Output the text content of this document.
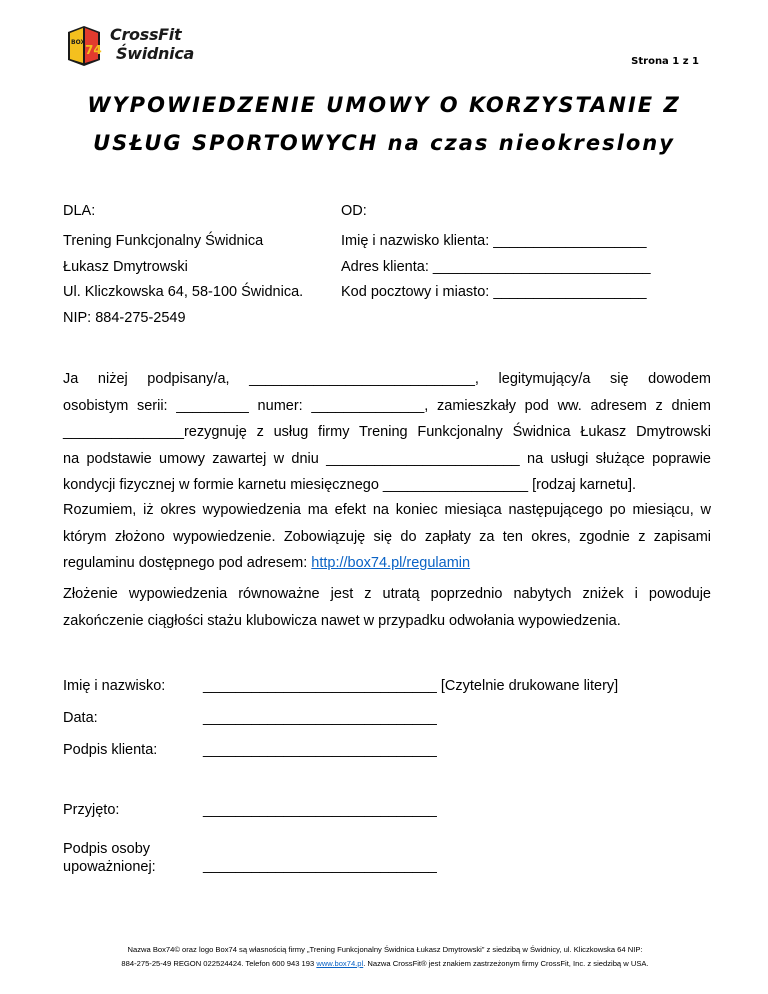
BOX
74
CrossFit
Świdnica	Strona 1 z 1
WYPOWIEDZENIE UMOWY O KORZYSTANIE Z
USŁUG SPORTOWYCH na czas nieokreslony
DLA:	OD:
Trening Funkcjonalny Świdnica	Imię i nazwisko klienta: ___________________
Łukasz Dmytrowski	Adres klienta: ___________________________
Ul. Kliczkowska 64, 58-100 Świdnica.	Kod pocztowy i miasto: ___________________
NIP: 884-275-2549
Ja niżej podpisany/a, ____________________________, legitymujący/a się dowodem
osobistym serii: _________ numer: ______________, zamieszkały pod ww. adresem z dniem
_______________rezygnuję z usług firmy Trening Funkcjonalny Świdnica Łukasz Dmytrowski
na podstawie umowy zawartej w dniu ________________________ na usługi służące poprawie
kondycji fizycznej w formie karnetu miesięcznego __________________ [rodzaj karnetu].
Rozumiem, iż okres wypowiedzenia ma efekt na koniec miesiąca następującego po miesiącu, w którym złożono wypowiedzenie. Zobowiązuję się do zapłaty za ten okres, zgodnie z zapisami regulaminu dostępnego pod adresem: http://box74.pl/regulamin
Złożenie wypowiedzenia równoważne jest z utratą poprzednio nabytych zniżek i powoduje zakończenie ciągłości stażu klubowicza nawet w przypadku odwołania wypowiedzenia.
Imię i nazwisko:	_____________________________ [Czytelnie drukowane litery]
Data:	_____________________________
Podpis klienta:	_____________________________
Przyjęto:	_____________________________
Podpis osoby
upoważnionej:	_____________________________
Nazwa Box74© oraz logo Box74 są własnością firmy „Trening Funkcjonalny Świdnica Łukasz Dmytrowski” z siedzibą w Świdnicy, ul. Kliczkowska 64 NIP:
884-275-25-49 REGON 022524424. Telefon 600 943 193 www.box74.pl. Nazwa CrossFit® jest znakiem zastrzeżonym firmy CrossFit, Inc. z siedzibą w USA.
